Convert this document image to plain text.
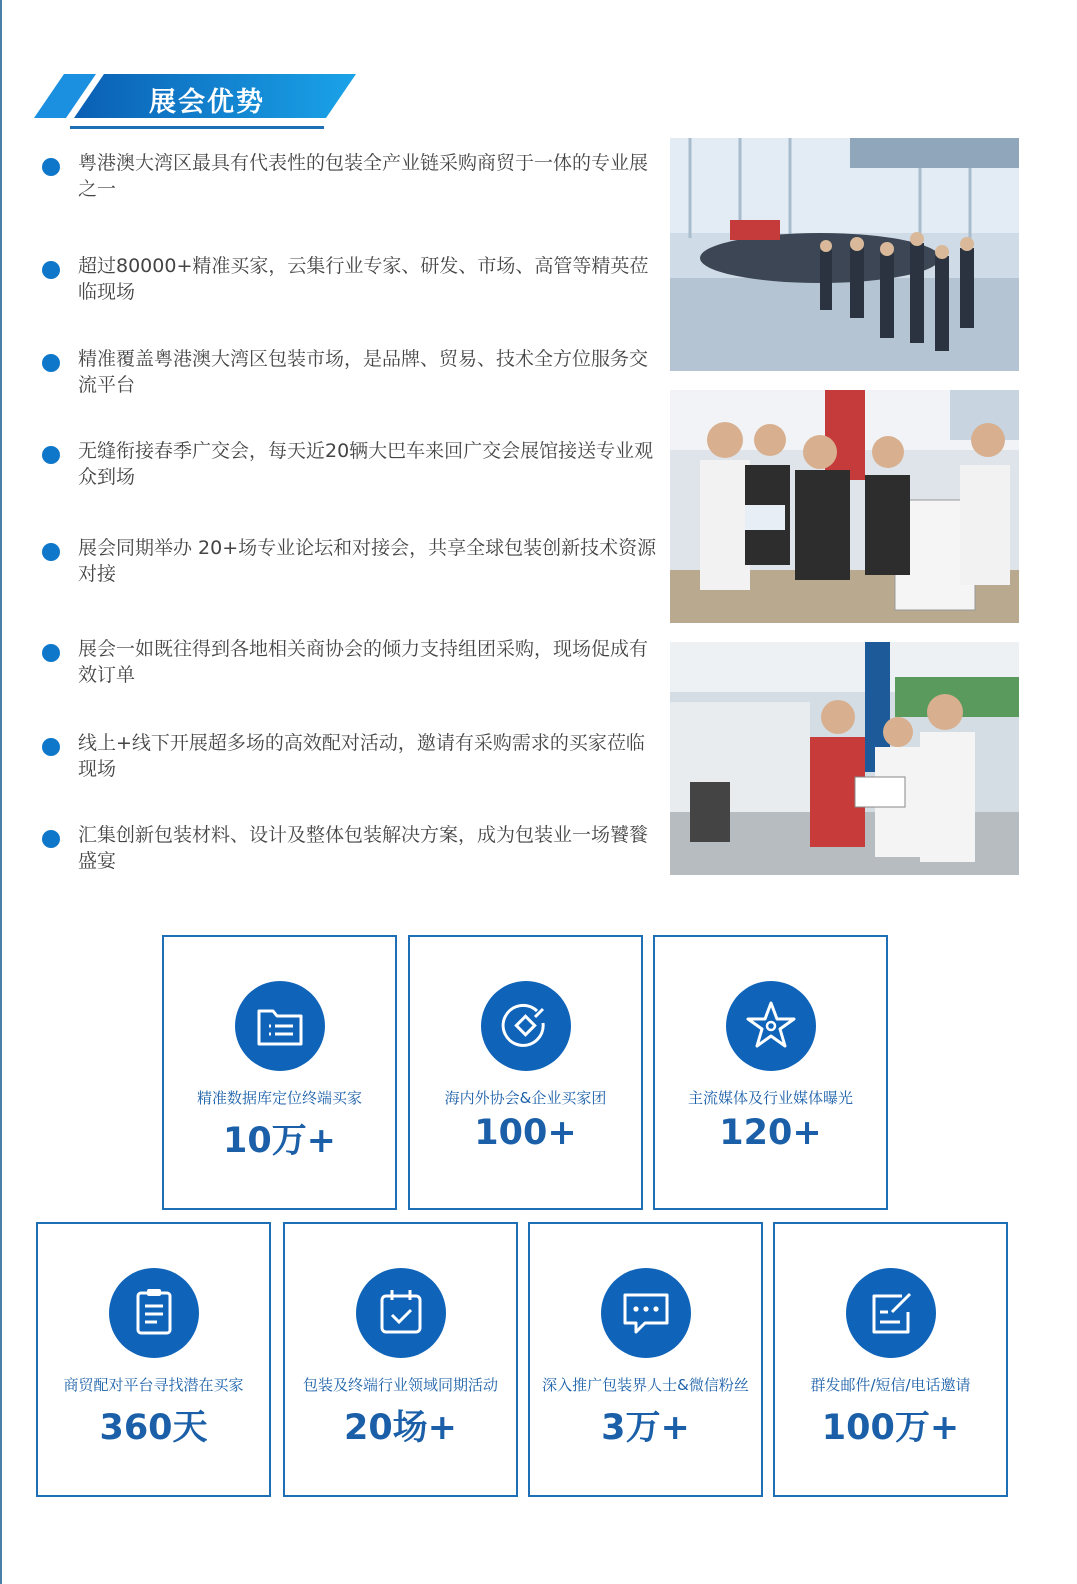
展会优势
粤港澳大湾区最具有代表性的包装全产业链采购商贸于一体的专业展之一
超过80000+精准买家，云集行业专家、研发、市场、高管等精英莅临现场
精准覆盖粤港澳大湾区包装市场，是品牌、贸易、技术全方位服务交流平台
无缝衔接春季广交会，每天近20辆大巴车来回广交会展馆接送专业观众到场
展会同期举办 20+场专业论坛和对接会，共享全球包装创新技术资源对接
展会一如既往得到各地相关商协会的倾力支持组团采购，现场促成有效订单
线上+线下开展超多场的高效配对活动，邀请有采购需求的买家莅临现场
汇集创新包装材料、设计及整体包装解决方案，成为包装业一场饕餮盛宴
精准数据库定位终端买家
10万+
海内外协会&企业买家团
100+
主流媒体及行业媒体曝光
120+
商贸配对平台寻找潜在买家
360天
包装及终端行业领域同期活动
20场+
深入推广包装界人士&微信粉丝
3万+
群发邮件/短信/电话邀请
100万+
